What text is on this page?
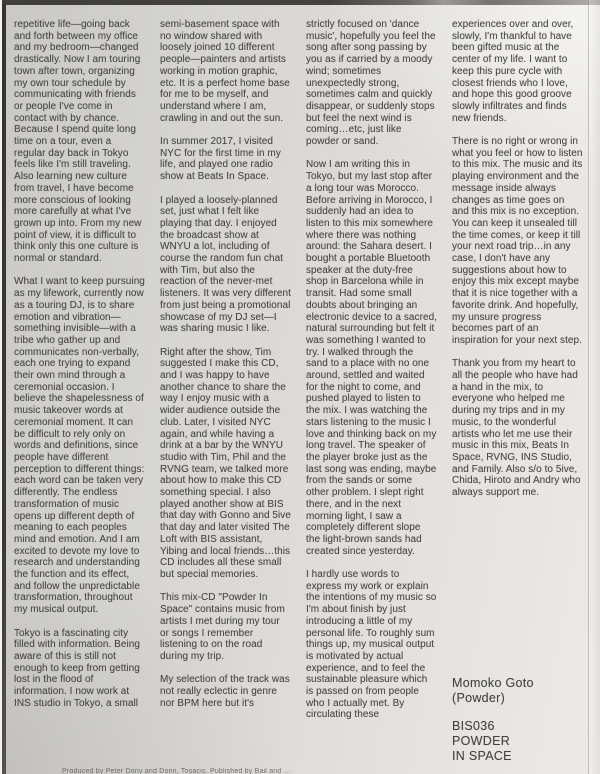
repetitive life—going back and forth between my office and my bedroom—changed drastically. Now I am touring town after town, organizing my own tour schedule by communicating with friends or people I've come in contact with by chance. Because I spend quite long time on a tour, even a regular day back in Tokyo feels like I'm still traveling. Also learning new culture from travel, I have become more conscious of looking more carefully at what I've grown up into. From my new point of view, it is difficult to think only this one culture is normal or standard.

What I want to keep pursuing as my lifework, currently now as a touring DJ, is to share emotion and vibration—something invisible—with a tribe who gather up and communicates non-verbally, each one trying to expand their own mind through a ceremonial occasion. I believe the shapelessness of music takeover words at ceremonial moment. It can be difficult to rely only on words and definitions, since people have different perception to different things: each word can be taken very differently. The endless transformation of music opens up different depth of meaning to each peoples mind and emotion. And I am excited to devote my love to research and understanding the function and its effect, and follow the unpredictable transformation, throughout my musical output.

Tokyo is a fascinating city filled with information. Being aware of this is still not enough to keep from getting lost in the flood of information. I now work at INS studio in Tokyo, a small

semi-basement space with no window shared with loosely joined 10 different people—painters and artists working in motion graphic, etc. It is a perfect home base for me to be myself, and understand where I am, crawling in and out the sun.

In summer 2017, I visited NYC for the first time in my life, and played one radio show at Beats In Space.

I played a loosely-planned set, just what I felt like playing that day. I enjoyed the broadcast show at WNYU a lot, including of course the random fun chat with Tim, but also the reaction of the never-met listeners. It was very different from just being a promotional showcase of my DJ set—I was sharing music I like.

Right after the show, Tim suggested I make this CD, and I was happy to have another chance to share the way I enjoy music with a wider audience outside the club. Later, I visited NYC again, and while having a drink at a bar by the WNYU studio with Tim, Phil and the RVNG team, we talked more about how to make this CD something special. I also played another show at BIS that day with Gonno and 5ive that day and later visited The Loft with BIS assistant, Yibing and local friends…this CD includes all these small but special memories.

This mix-CD "Powder In Space" contains music from artists I met during my tour or songs I remember listening to on the road during my trip.

My selection of the track was not really eclectic in genre nor BPM here but it's

strictly focused on 'dance music', hopefully you feel the song after song passing by you as if carried by a moody wind; sometimes unexpectedly strong, sometimes calm and quickly disappear, or suddenly stops but feel the next wind is coming…etc, just like powder or sand.

Now I am writing this in Tokyo, but my last stop after a long tour was Morocco. Before arriving in Morocco, I suddenly had an idea to listen to this mix somewhere where there was nothing around: the Sahara desert. I bought a portable Bluetooth speaker at the duty-free shop in Barcelona while in transit. Had some small doubts about bringing an electronic device to a sacred, natural surrounding but felt it was something I wanted to try. I walked through the sand to a place with no one around, settled and waited for the night to come, and pushed played to listen to the mix. I was watching the stars listening to the music I love and thinking back on my long travel. The speaker of the player broke just as the last song was ending, maybe from the sands or some other problem. I slept right there, and in the next morning light, I saw a completely different slope the light-brown sands had created since yesterday.

I hardly use words to express my work or explain the intentions of my music so I'm about finish by just introducing a little of my personal life. To roughly sum things up, my musical output is motivated by actual experience, and to feel the sustainable pleasure which is passed on from people who I actually met. By circulating these

experiences over and over, slowly, I'm thankful to have been gifted music at the center of my life. I want to keep this pure cycle with closest friends who I love, and hope this good groove slowly infiltrates and finds new friends.

There is no right or wrong in what you feel or how to listen to this mix. The music and its playing environment and the message inside always changes as time goes on and this mix is no exception. You can keep it unsealed till the time comes, or keep it till your next road trip…in any case, I don't have any suggestions about how to enjoy this mix except maybe that it is nice together with a favorite drink. And hopefully, my unsure progress becomes part of an inspiration for your next step.

Thank you from my heart to all the people who have had a hand in the mix, to everyone who helped me during my trips and in my music, to the wonderful artists who let me use their music in this mix, Beats In Space, RVNG, INS Studio, and Family. Also s/o to 5ive, Chida, Hiroto and Andry who always support me.

Momoko Goto
(Powder)
BIS036
POWDER
IN SPACE
Produced by Peter Dony and Donn, Tosacis. Published by Bail and …
